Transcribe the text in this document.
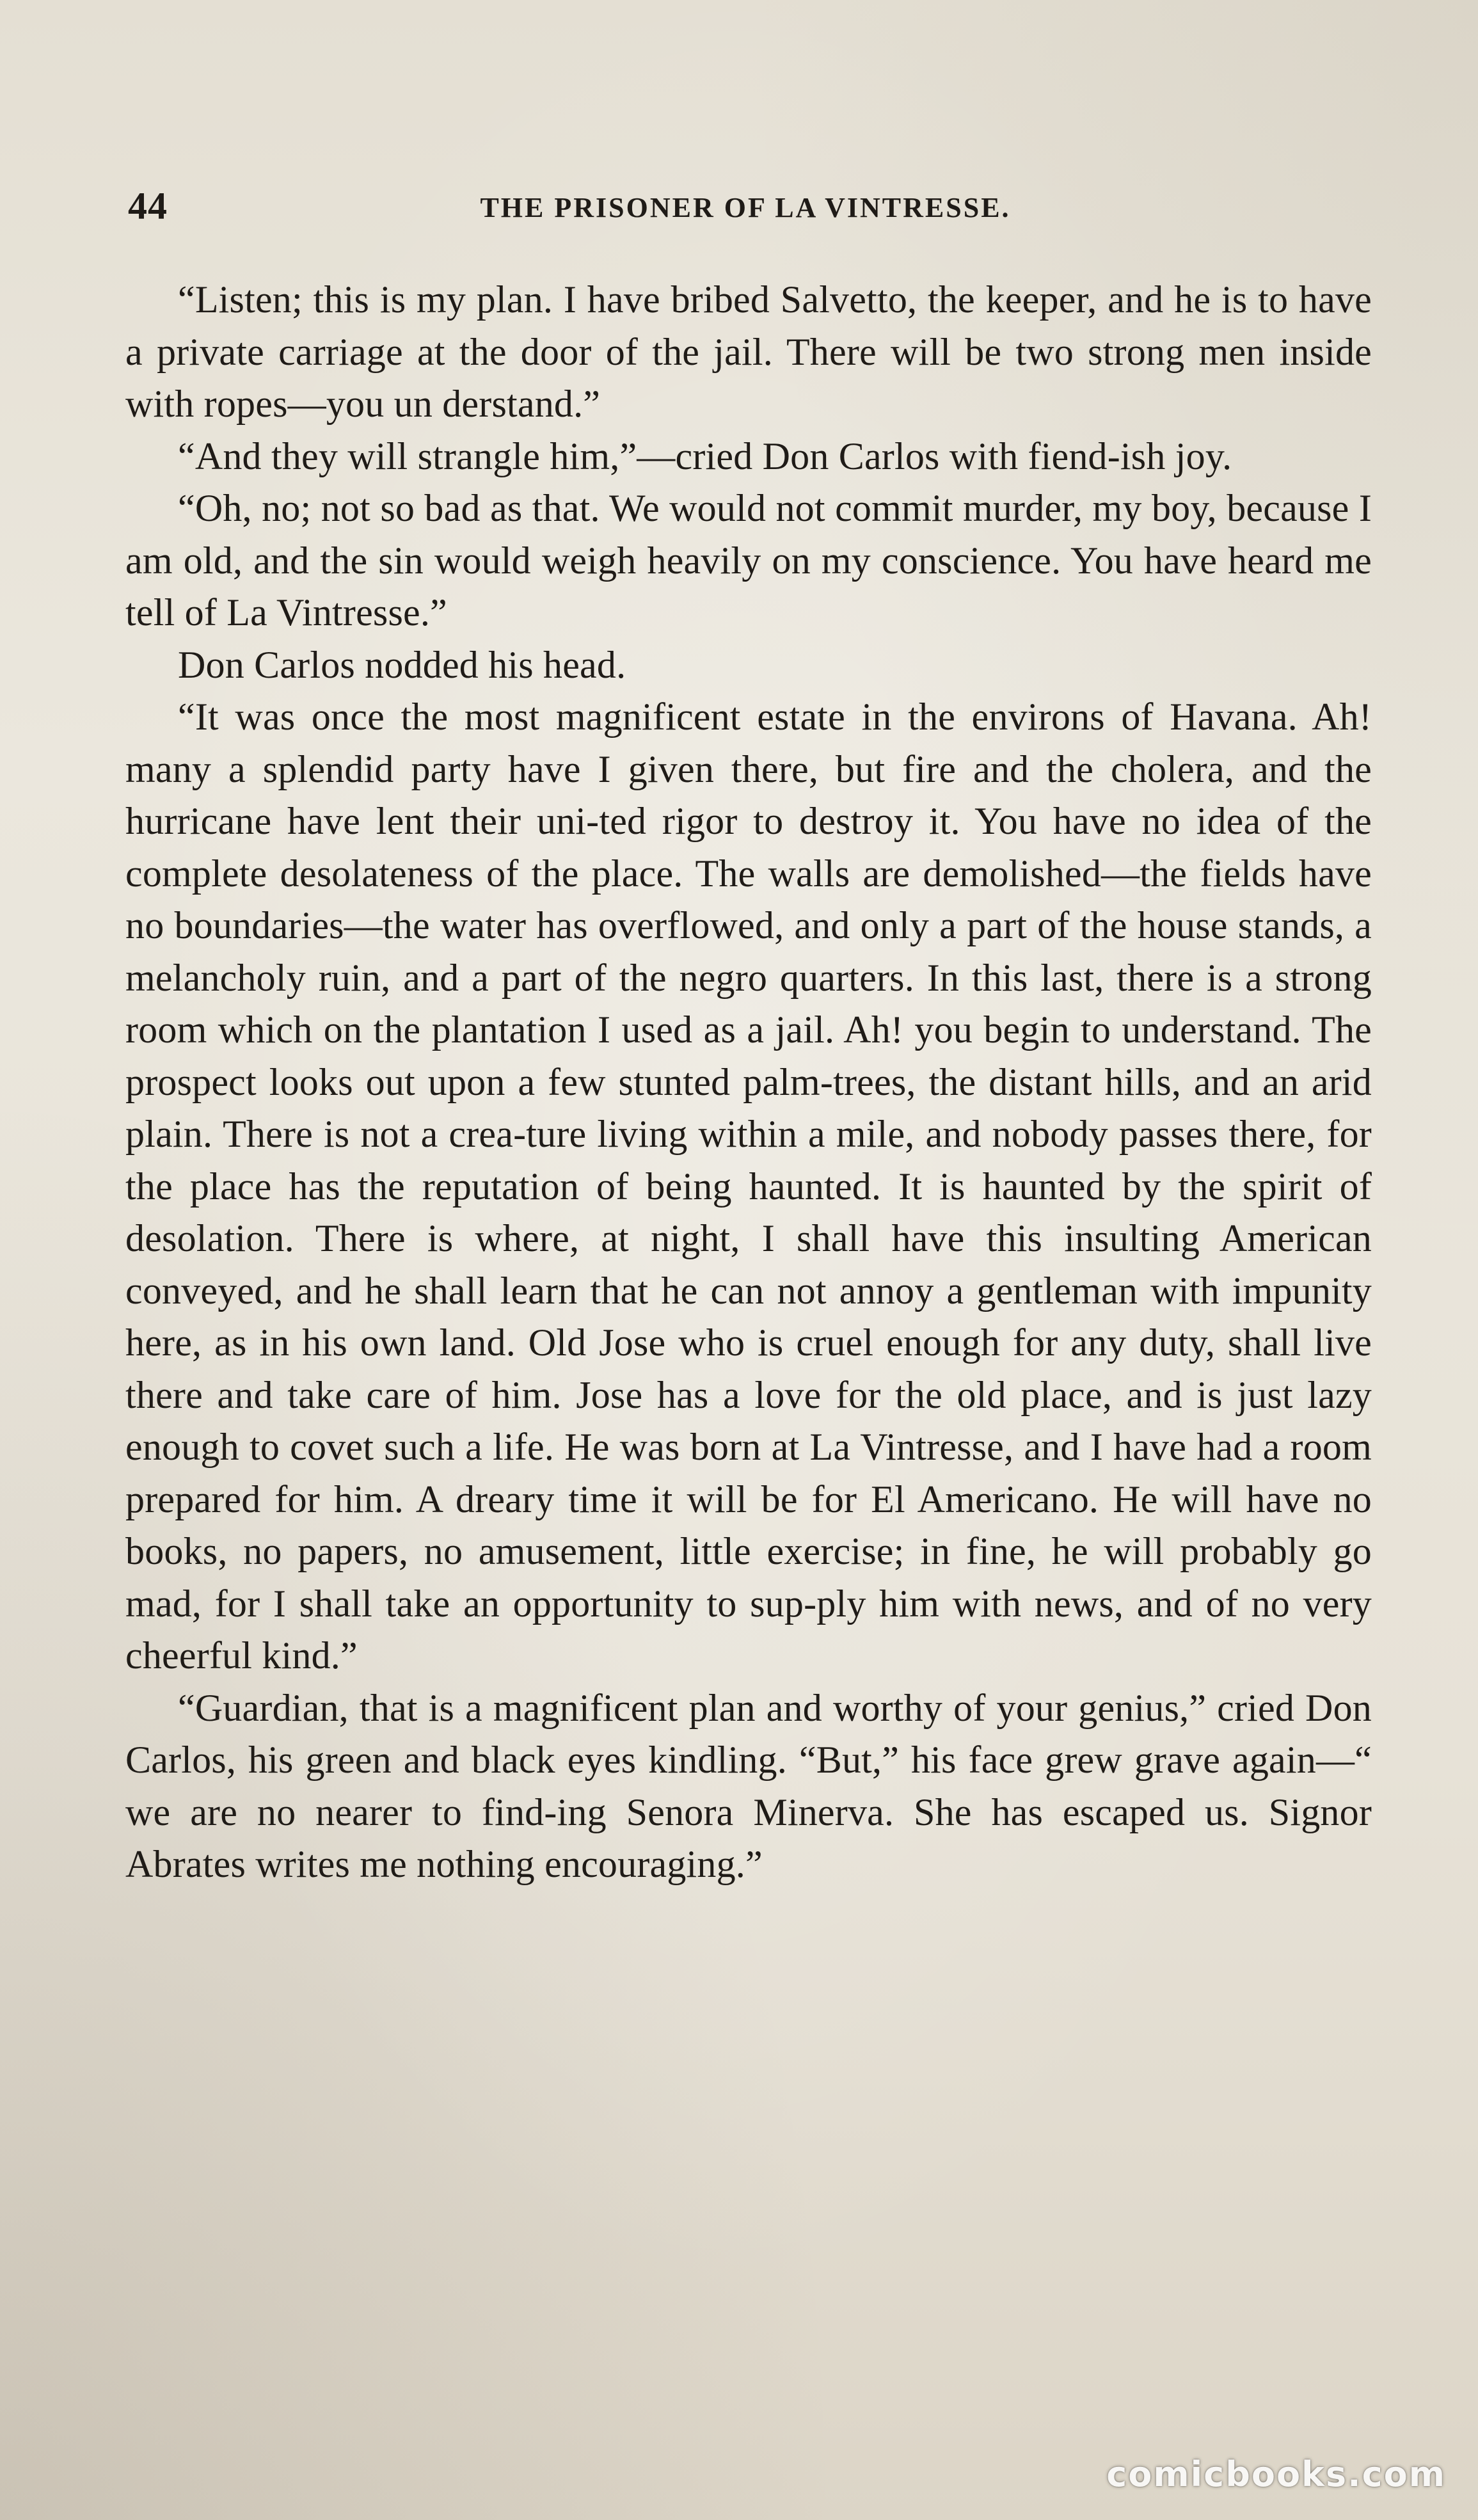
44	THE PRISONER OF LA VINTRESSE.

“Listen; this is my plan. I have bribed Salvetto, the keeper, and he is to have a private carriage at the door of the jail. There will be two strong men inside with ropes—you un derstand.”

“And they will strangle him,”—cried Don Carlos with fiend-ish joy.

“Oh, no; not so bad as that. We would not commit murder, my boy, because I am old, and the sin would weigh heavily on my conscience. You have heard me tell of La Vintresse.”

Don Carlos nodded his head.

“It was once the most magnificent estate in the environs of Havana. Ah! many a splendid party have I given there, but fire and the cholera, and the hurricane have lent their uni-ted rigor to destroy it. You have no idea of the complete desolateness of the place. The walls are demolished—the fields have no boundaries—the water has overflowed, and only a part of the house stands, a melancholy ruin, and a part of the negro quarters. In this last, there is a strong room which on the plantation I used as a jail. Ah! you begin to understand. The prospect looks out upon a few stunted palm-trees, the distant hills, and an arid plain. There is not a crea-ture living within a mile, and nobody passes there, for the place has the reputation of being haunted. It is haunted by the spirit of desolation. There is where, at night, I shall have this insulting American conveyed, and he shall learn that he can not annoy a gentleman with impunity here, as in his own land. Old Jose who is cruel enough for any duty, shall live there and take care of him. Jose has a love for the old place, and is just lazy enough to covet such a life. He was born at La Vintresse, and I have had a room prepared for him. A dreary time it will be for El Americano. He will have no books, no papers, no amusement, little exercise; in fine, he will probably go mad, for I shall take an opportunity to sup-ply him with news, and of no very cheerful kind.”

“Guardian, that is a magnificent plan and worthy of your genius,” cried Don Carlos, his green and black eyes kindling. “But,” his face grew grave again—“ we are no nearer to find-ing Senora Minerva. She has escaped us. Signor Abrates writes me nothing encouraging.”

comicbooks.com
